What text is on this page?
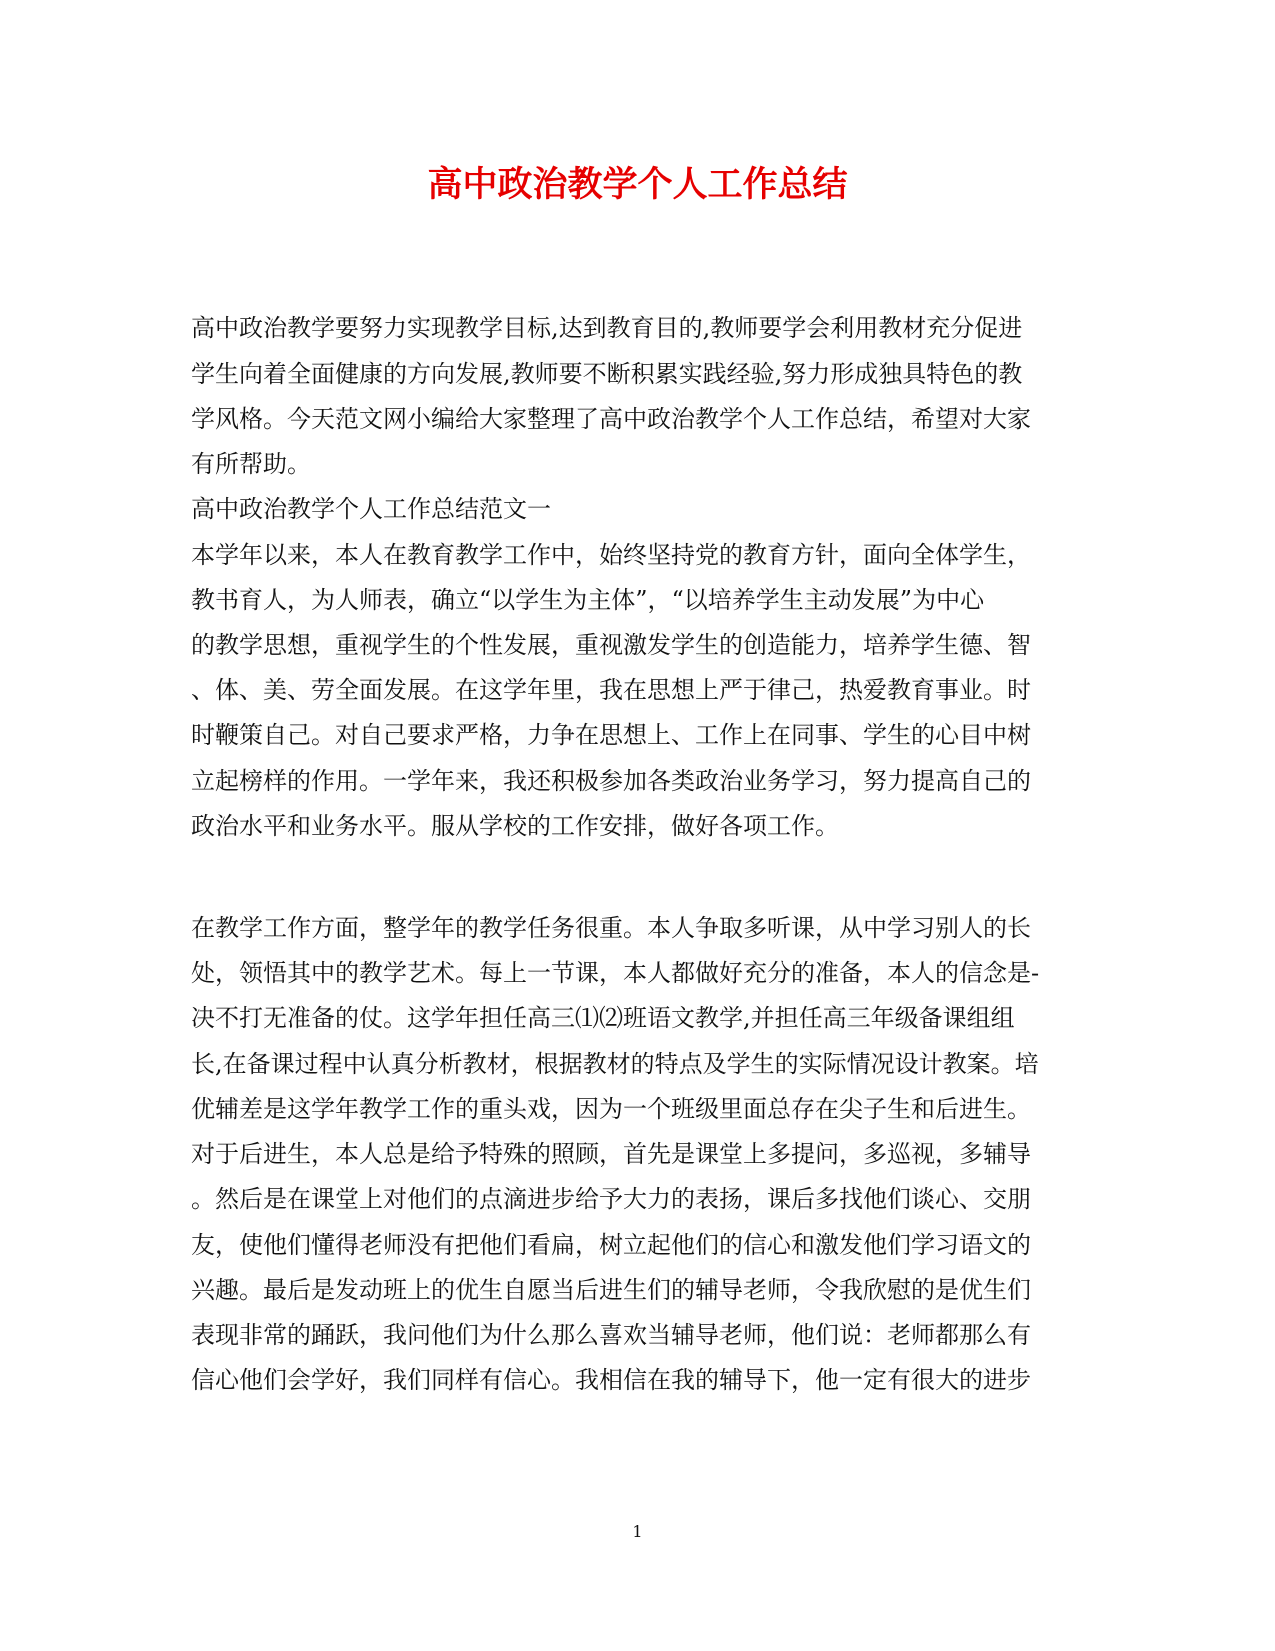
高中政治教学个人工作总结
高中政治教学要努力实现教学目标,达到教育目的,教师要学会利用教材充分促进
学生向着全面健康的方向发展,教师要不断积累实践经验,努力形成独具特色的教
学风格。今天范文网小编给大家整理了高中政治教学个人工作总结，希望对大家
有所帮助。
高中政治教学个人工作总结范文一
本学年以来，本人在教育教学工作中，始终坚持党的教育方针，面向全体学生，
教书育人，为人师表，确立“以学生为主体”，“以培养学生主动发展”为中心
的教学思想，重视学生的个性发展，重视激发学生的创造能力，培养学生德、智
、体、美、劳全面发展。在这学年里，我在思想上严于律己，热爱教育事业。时
时鞭策自己。对自己要求严格，力争在思想上、工作上在同事、学生的心目中树
立起榜样的作用。一学年来，我还积极参加各类政治业务学习，努力提高自己的
政治水平和业务水平。服从学校的工作安排，做好各项工作。
在教学工作方面，整学年的教学任务很重。本人争取多听课，从中学习别人的长
处，领悟其中的教学艺术。每上一节课，本人都做好充分的准备，本人的信念是-
决不打无准备的仗。这学年担任高三⑴⑵班语文教学,并担任高三年级备课组组
长,在备课过程中认真分析教材，根据教材的特点及学生的实际情况设计教案。培
优辅差是这学年教学工作的重头戏，因为一个班级里面总存在尖子生和后进生。
对于后进生，本人总是给予特殊的照顾，首先是课堂上多提问，多巡视，多辅导
。然后是在课堂上对他们的点滴进步给予大力的表扬，课后多找他们谈心、交朋
友，使他们懂得老师没有把他们看扁，树立起他们的信心和激发他们学习语文的
兴趣。最后是发动班上的优生自愿当后进生们的辅导老师，令我欣慰的是优生们
表现非常的踊跃，我问他们为什么那么喜欢当辅导老师，他们说：老师都那么有
信心他们会学好，我们同样有信心。我相信在我的辅导下，他一定有很大的进步
1
